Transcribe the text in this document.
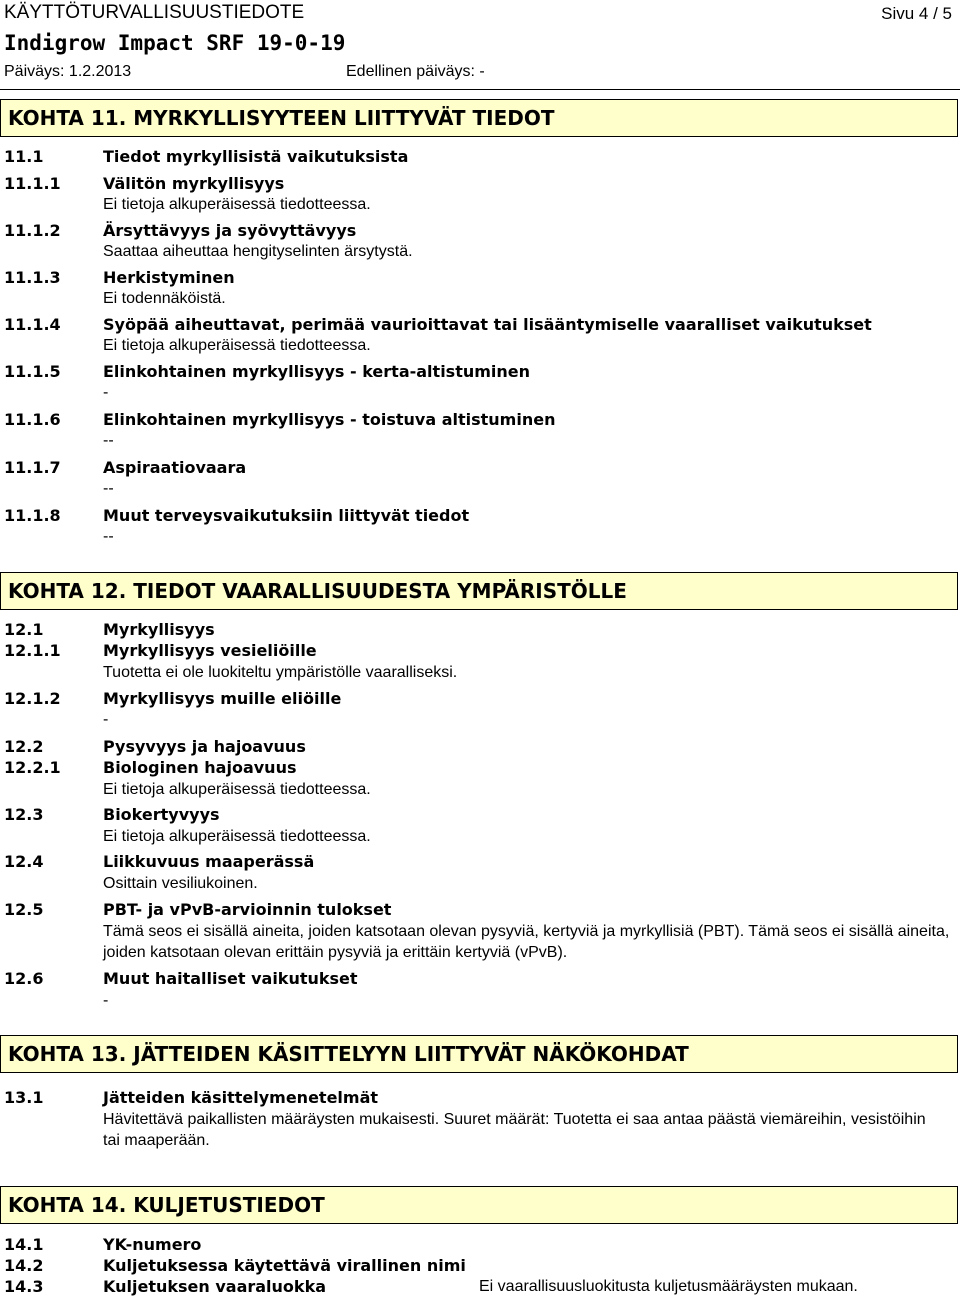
KÄYTTÖTURVALLISUUSTIEDOTE	Sivu 4 / 5
Indigrow Impact SRF 19-0-19
Päiväys: 1.2.2013	Edellinen päiväys: -
KOHTA 11. MYRKYLLISYYTEEN LIITTYVÄT TIEDOT
11.1	Tiedot myrkyllisistä vaikutuksista
11.1.1	Välitön myrkyllisyys
Ei tietoja alkuperäisessä tiedotteessa.
11.1.2	Ärsyttävyys ja syövyttävyys
Saattaa aiheuttaa hengityselinten ärsytystä.
11.1.3	Herkistyminen
Ei todennäköistä.
11.1.4	Syöpää aiheuttavat, perimää vaurioittavat tai lisääntymiselle vaaralliset vaikutukset
Ei tietoja alkuperäisessä tiedotteessa.
11.1.5	Elinkohtainen myrkyllisyys - kerta-altistuminen
-
11.1.6	Elinkohtainen myrkyllisyys - toistuva altistuminen
--
11.1.7	Aspiraatiovaara
--
11.1.8	Muut terveysvaikutuksiin liittyvät tiedot
--
KOHTA 12. TIEDOT VAARALLISUUDESTA YMPÄRISTÖLLE
12.1	Myrkyllisyys
12.1.1	Myrkyllisyys vesieliöille
Tuotetta ei ole luokiteltu ympäristölle vaaralliseksi.
12.1.2	Myrkyllisyys muille eliöille
-
12.2	Pysyvyys ja hajoavuus
12.2.1	Biologinen hajoavuus
Ei tietoja alkuperäisessä tiedotteessa.
12.3	Biokertyvyys
Ei tietoja alkuperäisessä tiedotteessa.
12.4	Liikkuvuus maaperässä
Osittain vesiliukoinen.
12.5	PBT- ja vPvB-arvioinnin tulokset
Tämä seos ei sisällä aineita, joiden katsotaan olevan pysyviä, kertyviä ja myrkyllisiä (PBT). Tämä seos ei sisällä aineita, joiden katsotaan olevan erittäin pysyviä ja erittäin kertyviä (vPvB).
12.6	Muut haitalliset vaikutukset
-
KOHTA 13. JÄTTEIDEN KÄSITTELYYN LIITTYVÄT NÄKÖKOHDAT
13.1	Jätteiden käsittelymenetelmät
Hävitettävä paikallisten määräysten mukaisesti. Suuret määrät: Tuotetta ei saa antaa päästä viemäreihin, vesistöihin tai maaperään.
KOHTA 14. KULJETUSTIEDOT
14.1	YK-numero
14.2	Kuljetuksessa käytettävä virallinen nimi
14.3	Kuljetuksen vaaraluokka	Ei vaarallisuusluokitusta kuljetusmääräysten mukaan.
